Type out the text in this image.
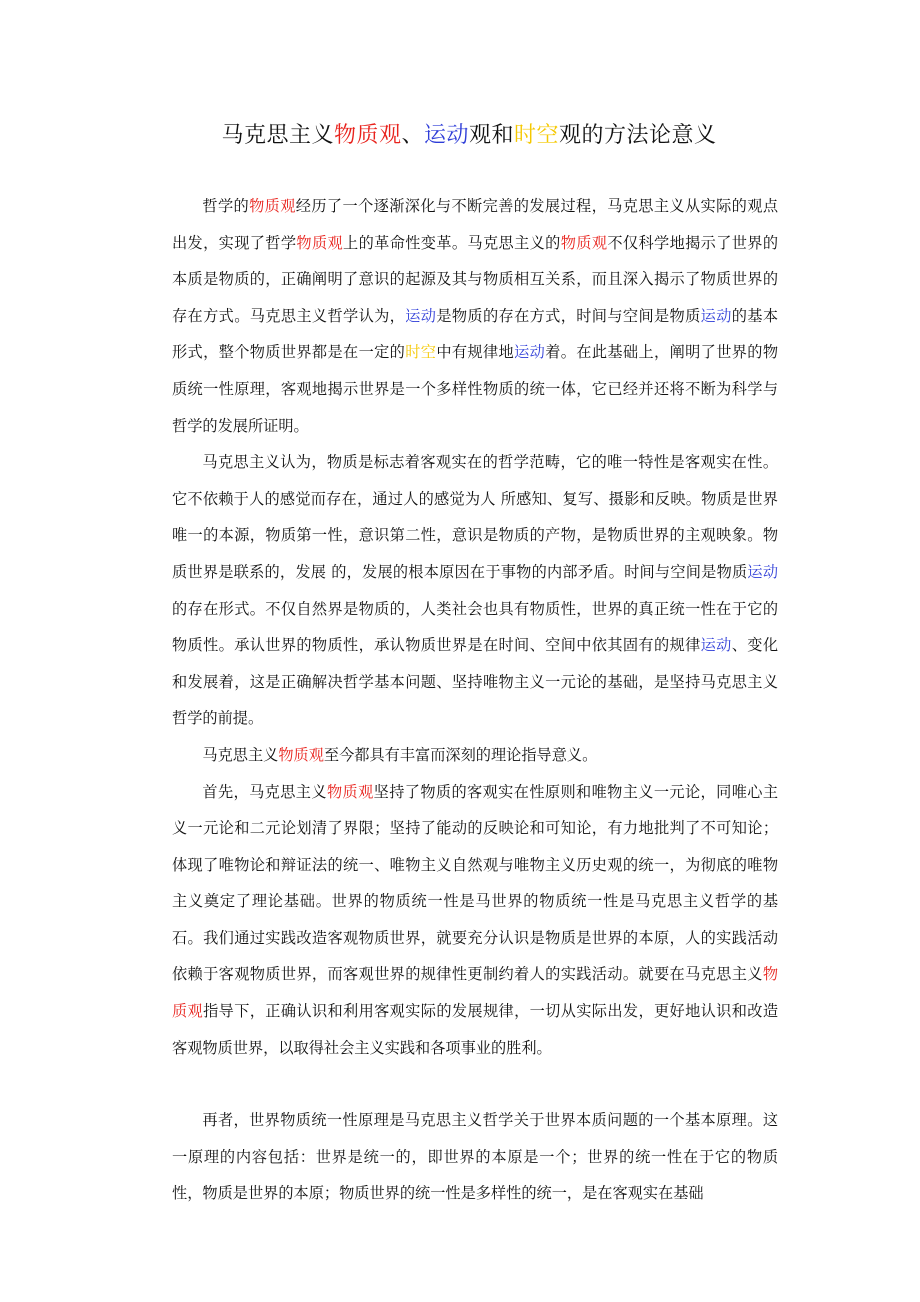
马克思主义物质观、运动观和时空观的方法论意义

哲学的物质观经历了一个逐渐深化与不断完善的发展过程，马克思主义从实际的观点出发，实现了哲学物质观上的革命性变革。马克思主义的物质观不仅科学地揭示了世界的本质是物质的，正确阐明了意识的起源及其与物质相互关系，而且深入揭示了物质世界的存在方式。马克思主义哲学认为，运动是物质的存在方式，时间与空间是物质运动的基本形式，整个物质世界都是在一定的时空中有规律地运动着。在此基础上，阐明了世界的物质统一性原理，客观地揭示世界是一个多样性物质的统一体，它已经并还将不断为科学与哲学的发展所证明。

马克思主义认为，物质是标志着客观实在的哲学范畴，它的唯一特性是客观实在性。它不依赖于人的感觉而存在，通过人的感觉为人 所感知、复写、摄影和反映。物质是世界唯一的本源，物质第一性，意识第二性，意识是物质的产物，是物质世界的主观映象。物质世界是联系的，发展 的，发展的根本原因在于事物的内部矛盾。时间与空间是物质运动的存在形式。不仅自然界是物质的，人类社会也具有物质性，世界的真正统一性在于它的物质性。承认世界的物质性，承认物质世界是在时间、空间中依其固有的规律运动、变化和发展着，这是正确解决哲学基本问题、坚持唯物主义一元论的基础，是坚持马克思主义哲学的前提。

马克思主义物质观至今都具有丰富而深刻的理论指导意义。

首先，马克思主义物质观坚持了物质的客观实在性原则和唯物主义一元论，同唯心主义一元论和二元论划清了界限；坚持了能动的反映论和可知论，有力地批判了不可知论；体现了唯物论和辩证法的统一、唯物主义自然观与唯物主义历史观的统一，为彻底的唯物主义奠定了理论基础。世界的物质统一性是马世界的物质统一性是马克思主义哲学的基石。我们通过实践改造客观物质世界，就要充分认识是物质是世界的本原，人的实践活动依赖于客观物质世界，而客观世界的规律性更制约着人的实践活动。就要在马克思主义物质观指导下，正确认识和利用客观实际的发展规律，一切从实际出发，更好地认识和改造客观物质世界，以取得社会主义实践和各项事业的胜利。

再者，世界物质统一性原理是马克思主义哲学关于世界本质问题的一个基本原理。这一原理的内容包括：世界是统一的，即世界的本原是一个；世界的统一性在于它的物质性，物质是世界的本原；物质世界的统一性是多样性的统一，是在客观实在基础
